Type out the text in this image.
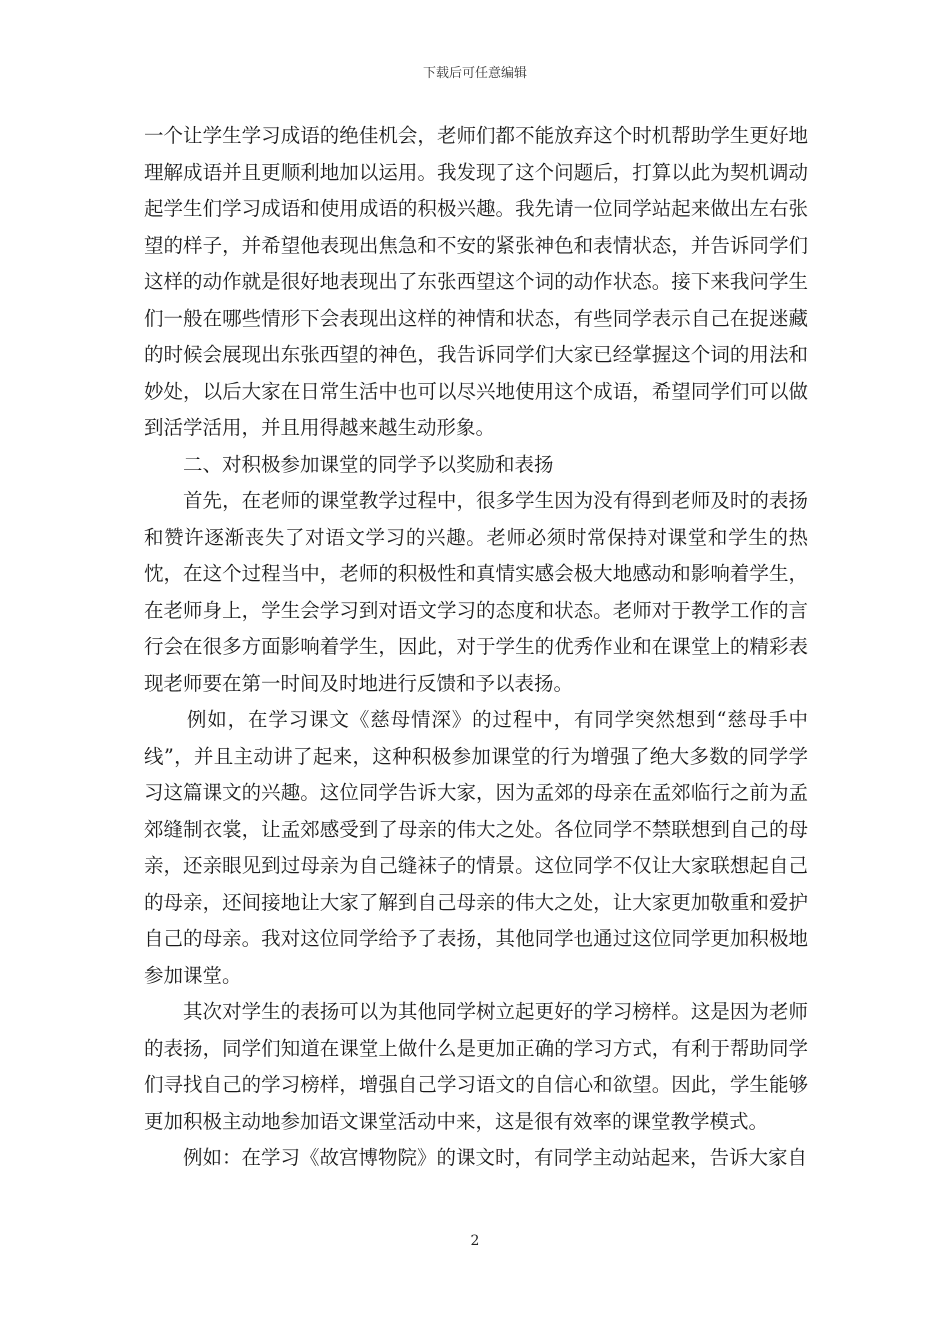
下载后可任意编辑

一个让学生学习成语的绝佳机会，老师们都不能放弃这个时机帮助学生更好地理解成语并且更顺利地加以运用。我发现了这个问题后，打算以此为契机调动起学生们学习成语和使用成语的积极兴趣。我先请一位同学站起来做出左右张望的样子，并希望他表现出焦急和不安的紧张神色和表情状态，并告诉同学们这样的动作就是很好地表现出了东张西望这个词的动作状态。接下来我问学生们一般在哪些情形下会表现出这样的神情和状态，有些同学表示自己在捉迷藏的时候会展现出东张西望的神色，我告诉同学们大家已经掌握这个词的用法和妙处，以后大家在日常生活中也可以尽兴地使用这个成语，希望同学们可以做到活学活用，并且用得越来越生动形象。

二、对积极参加课堂的同学予以奖励和表扬

首先，在老师的课堂教学过程中，很多学生因为没有得到老师及时的表扬和赞许逐渐丧失了对语文学习的兴趣。老师必须时常保持对课堂和学生的热忱，在这个过程当中，老师的积极性和真情实感会极大地感动和影响着学生，在老师身上，学生会学习到对语文学习的态度和状态。老师对于教学工作的言行会在很多方面影响着学生，因此，对于学生的优秀作业和在课堂上的精彩表现老师要在第一时间及时地进行反馈和予以表扬。

例如，在学习课文《慈母情深》的过程中，有同学突然想到“慈母手中线”，并且主动讲了起来，这种积极参加课堂的行为增强了绝大多数的同学学习这篇课文的兴趣。这位同学告诉大家，因为孟郊的母亲在孟郊临行之前为孟郊缝制衣裳，让孟郊感受到了母亲的伟大之处。各位同学不禁联想到自己的母亲，还亲眼见到过母亲为自己缝袜子的情景。这位同学不仅让大家联想起自己的母亲，还间接地让大家了解到自己母亲的伟大之处，让大家更加敬重和爱护自己的母亲。我对这位同学给予了表扬，其他同学也通过这位同学更加积极地参加课堂。

其次对学生的表扬可以为其他同学树立起更好的学习榜样。这是因为老师的表扬，同学们知道在课堂上做什么是更加正确的学习方式，有利于帮助同学们寻找自己的学习榜样，增强自己学习语文的自信心和欲望。因此，学生能够更加积极主动地参加语文课堂活动中来，这是很有效率的课堂教学模式。

例如：在学习《故宫博物院》的课文时，有同学主动站起来，告诉大家自

2
